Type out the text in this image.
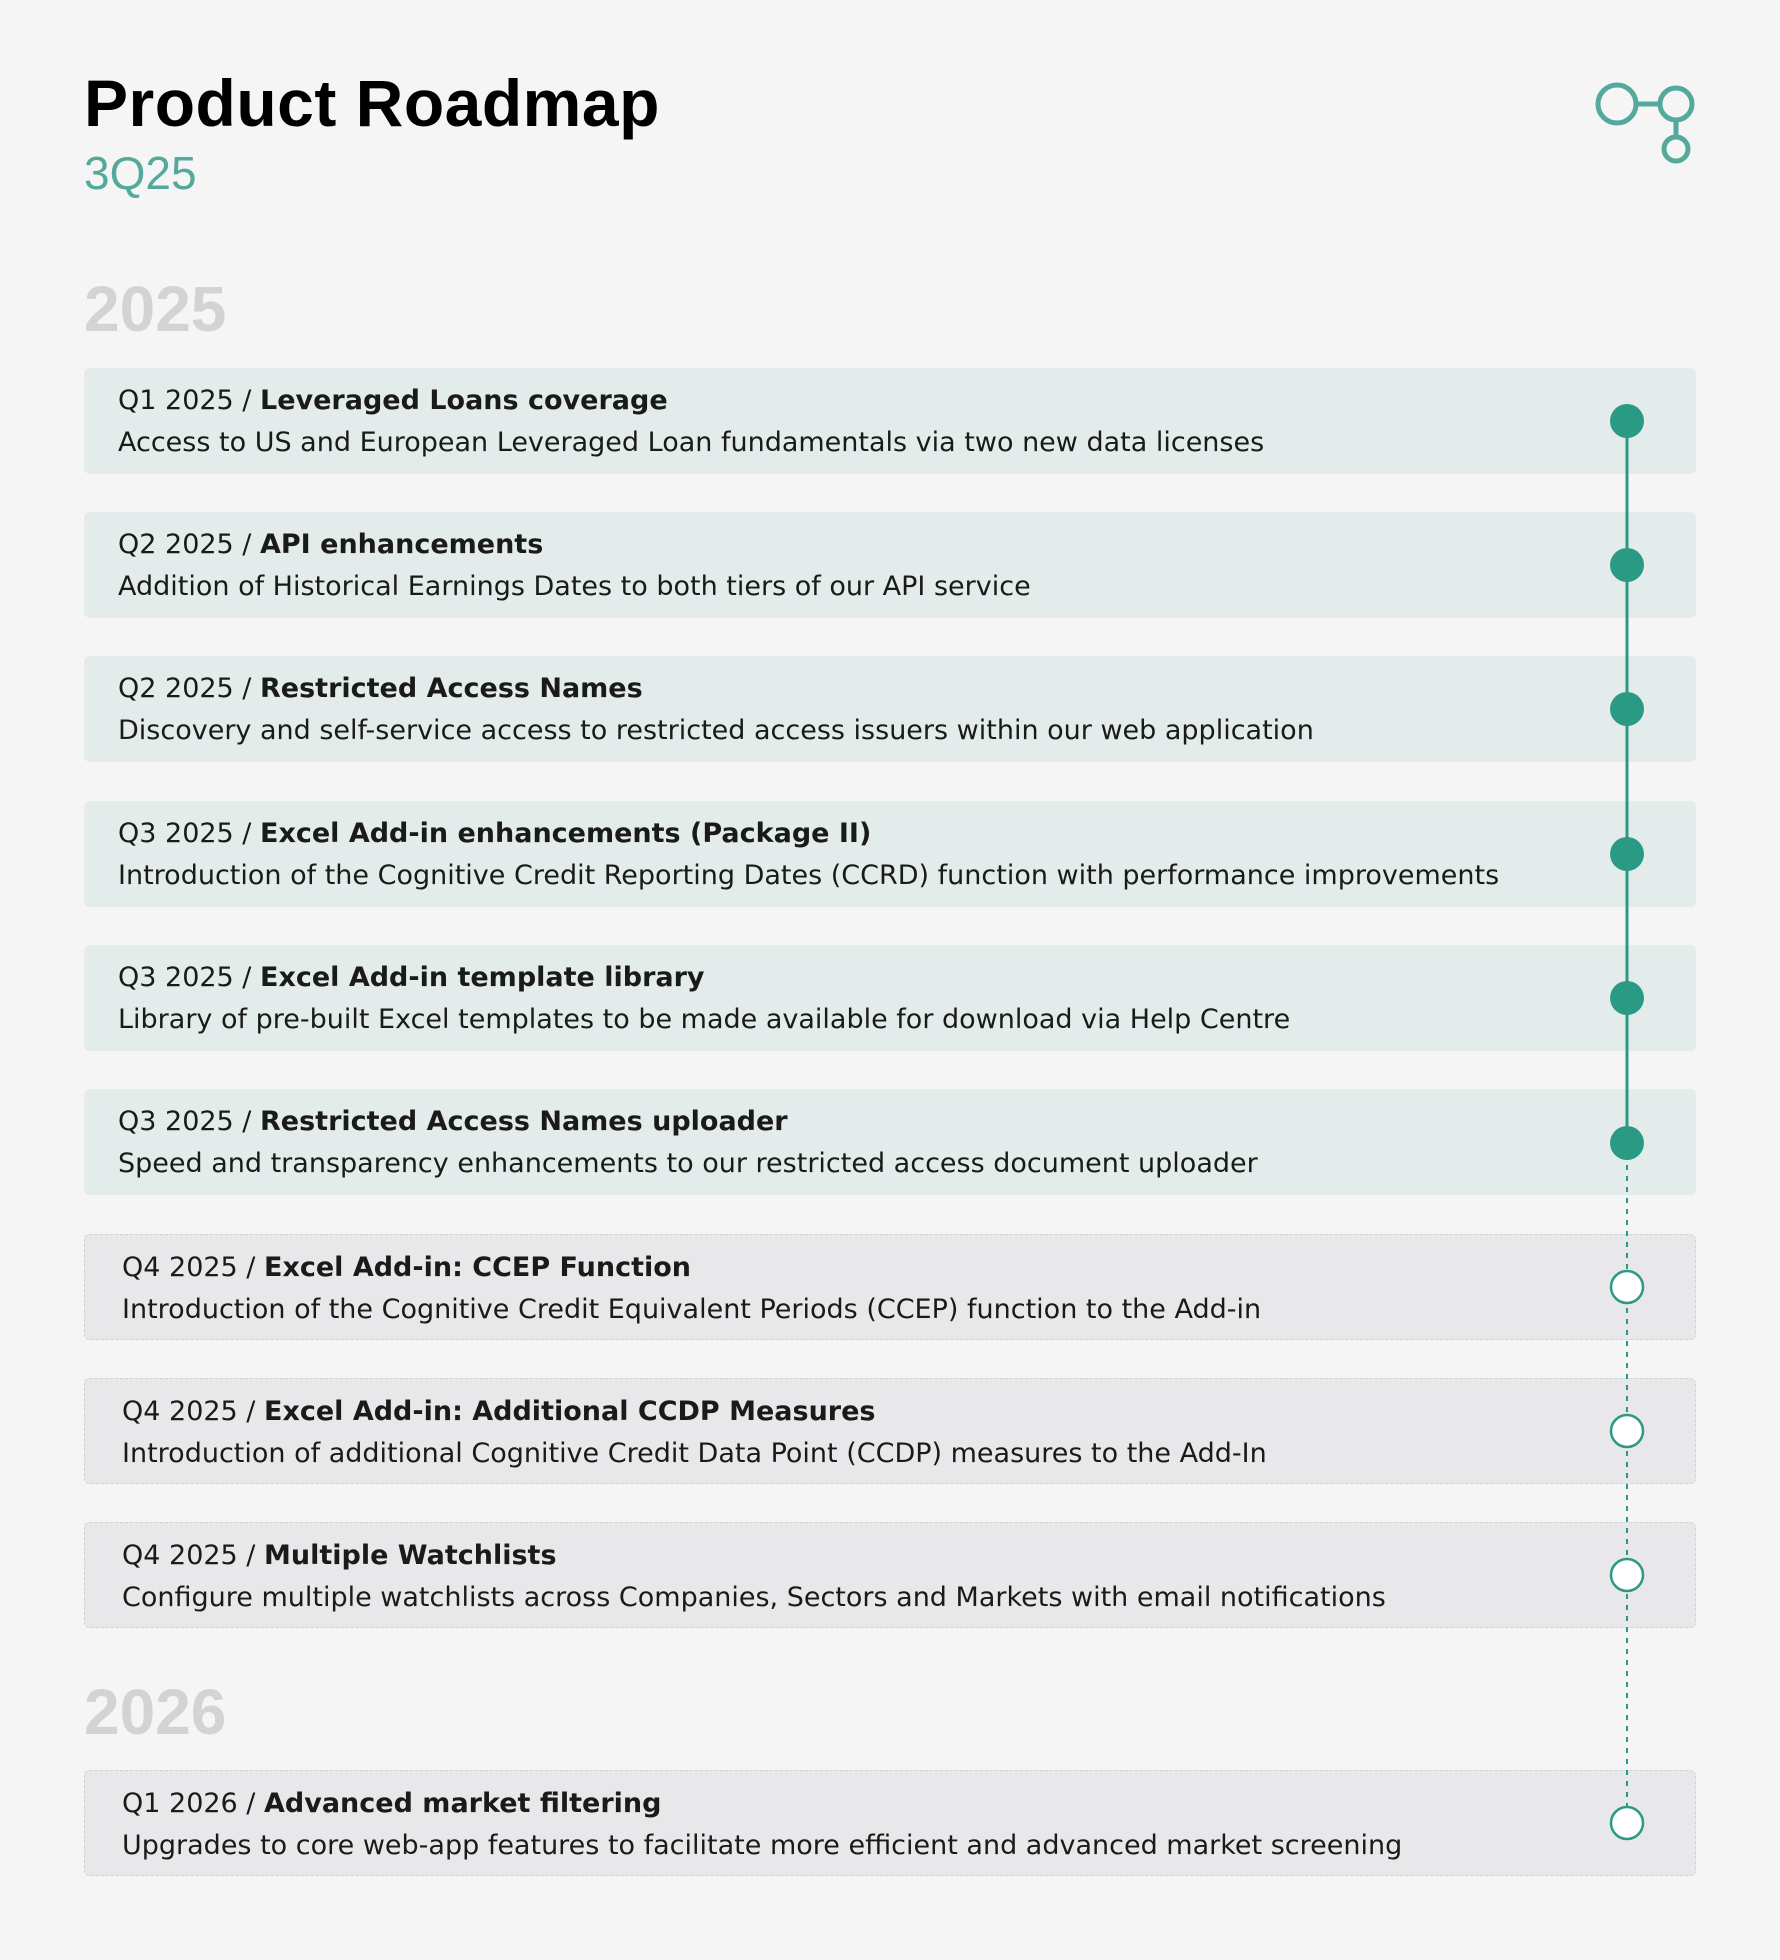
Product Roadmap
3Q25
2025
Q1 2025 / Leveraged Loans coverage
Access to US and European Leveraged Loan fundamentals via two new data licenses
Q2 2025 / API enhancements
Addition of Historical Earnings Dates to both tiers of our API service
Q2 2025 / Restricted Access Names
Discovery and self-service access to restricted access issuers within our web application
Q3 2025 / Excel Add-in enhancements (Package II)
Introduction of the Cognitive Credit Reporting Dates (CCRD) function with performance improvements
Q3 2025 / Excel Add-in template library
Library of pre-built Excel templates to be made available for download via Help Centre
Q3 2025 / Restricted Access Names uploader
Speed and transparency enhancements to our restricted access document uploader
Q4 2025 / Excel Add-in: CCEP Function
Introduction of the Cognitive Credit Equivalent Periods (CCEP) function to the Add-in
Q4 2025 / Excel Add-in: Additional CCDP Measures
Introduction of additional Cognitive Credit Data Point (CCDP) measures to the Add-In
Q4 2025 / Multiple Watchlists
Configure multiple watchlists across Companies, Sectors and Markets with email notifications
2026
Q1 2026 / Advanced market filtering
Upgrades to core web-app features to facilitate more efficient and advanced market screening
